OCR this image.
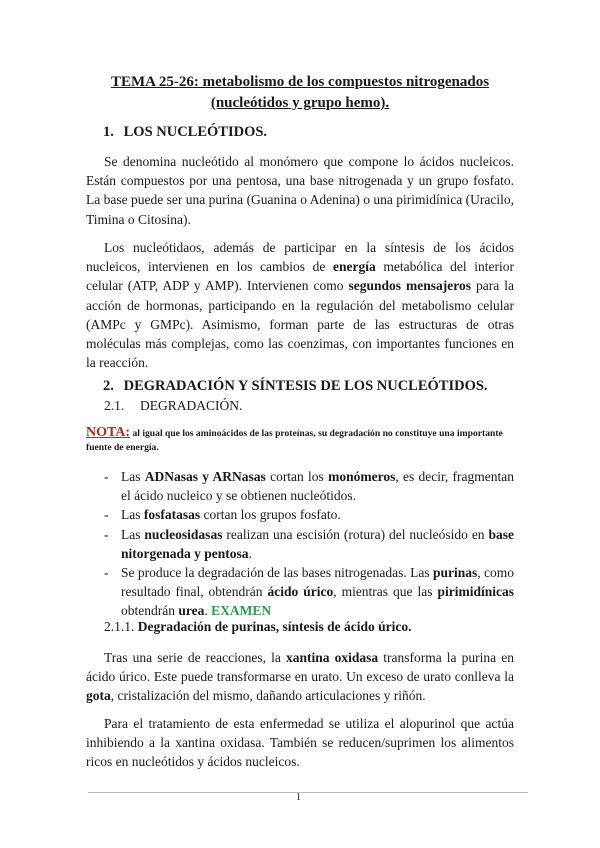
TEMA 25-26: metabolismo de los compuestos nitrogenados
(nucleótidos y grupo hemo).
1. LOS NUCLEÓTIDOS.

Se denomina nucleótido al monómero que compone lo ácidos nucleicos. Están compuestos por una pentosa, una base nitrogenada y un grupo fosfato. La base puede ser una purina (Guanina o Adenina) o una pirimidínica (Uracilo, Timina o Citosina).

Los nucleótidaos, además de participar en la síntesis de los ácidos nucleicos, intervienen en los cambios de energía metabólica del interior celular (ATP, ADP y AMP). Intervienen como segundos mensajeros para la acción de hormonas, participando en la regulación del metabolismo celular (AMPc y GMPc). Asimismo, forman parte de las estructuras de otras moléculas más complejas, como las coenzimas, con importantes funciones en la reacción.

2. DEGRADACIÓN Y SÍNTESIS DE LOS NUCLEÓTIDOS.
2.1. DEGRADACIÓN.

NOTA: al igual que los aminoácidos de las proteínas, su degradación no constituye una importante fuente de energía.

- Las ADNasas y ARNasas cortan los monómeros, es decir, fragmentan el ácido nucleico y se obtienen nucleótidos.
- Las fosfatasas cortan los grupos fosfato.
- Las nucleosidasas realizan una escisión (rotura) del nucleósido en base nitorgenada y pentosa.
- Se produce la degradación de las bases nitrogenadas. Las purinas, como resultado final, obtendrán ácido úrico, mientras que las pirimidínicas obtendrán urea. EXAMEN
2.1.1. Degradación de purinas, síntesis de ácido úrico.

Tras una serie de reacciones, la xantina oxidasa transforma la purina en ácido úrico. Este puede transformarse en urato. Un exceso de urato conlleva la gota, cristalización del mismo, dañando articulaciones y riñón.

Para el tratamiento de esta enfermedad se utiliza el alopurinol que actúa inhibiendo a la xantina oxidasa. También se reducen/suprimen los alimentos ricos en nucleótidos y ácidos nucleicos.

1
